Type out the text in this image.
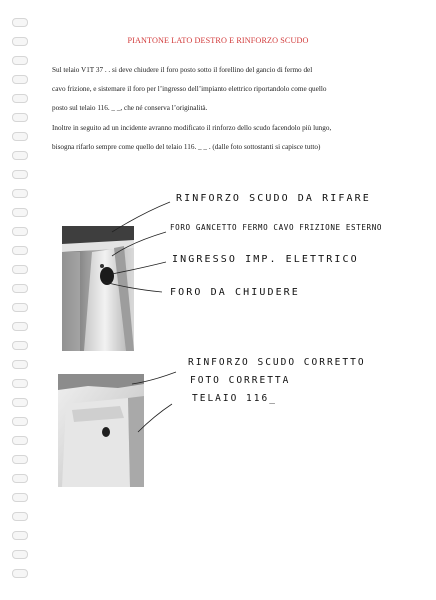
PIANTONE LATO DESTRO E RINFORZO SCUDO
Sul telaio V1T 37 . . si deve chiudere il foro posto sotto il forellino del gancio di fermo del
cavo frizione, e sistemare il foro per l’ingresso dell’impianto elettrico riportandolo come quello
posto sul telaio 116. _ _, che né conserva l’originalità.
Inoltre in seguito ad un incidente avranno modificato il rinforzo dello scudo facendolo più lungo,
bisogna rifarlo sempre come quello del telaio 116. _ _ . (dalle foto sottostanti si capisce tutto)
RINFORZO SCUDO DA RIFARE
FORO GANCETTO FERMO CAVO FRIZIONE ESTERNO
INGRESSO IMP. ELETTRICO
FORO DA CHIUDERE
RINFORZO SCUDO CORRETTO
FOTO CORRETTA
TELAIO 116_
